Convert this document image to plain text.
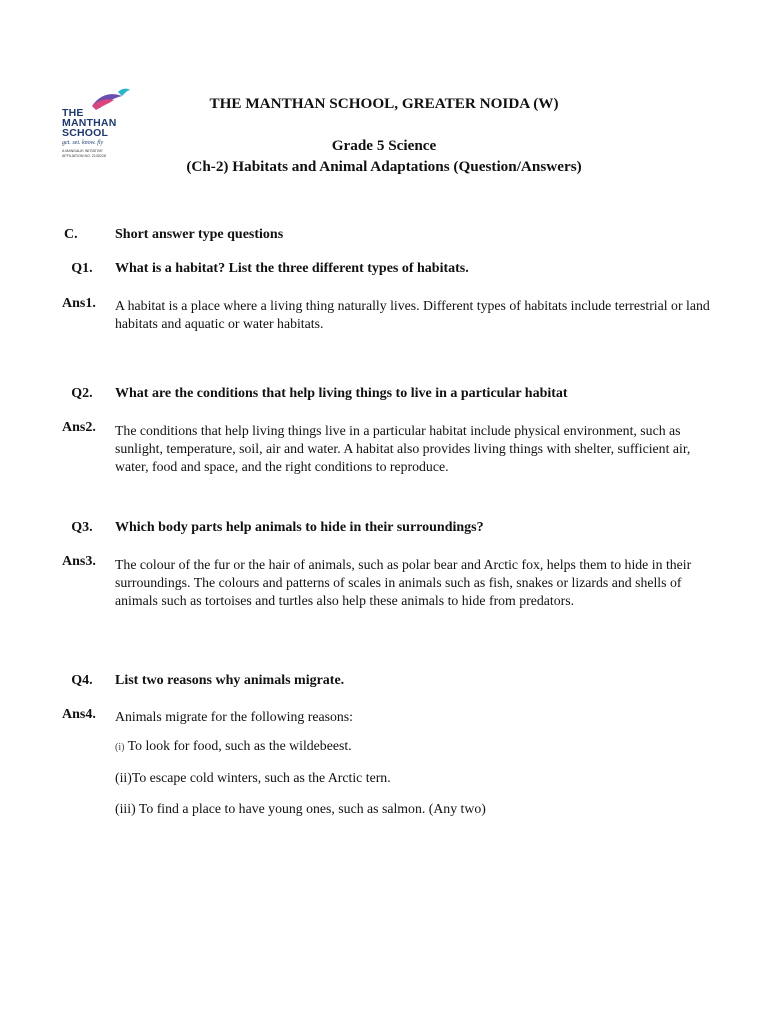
THE
MANTHAN
SCHOOL
get. set. know. fly
A MANGALIK INITIATIVE
AFFILIATION NO. 2130228
THE MANTHAN SCHOOL, GREATER NOIDA (W)
Grade 5 Science
(Ch-2) Habitats and Animal Adaptations (Question/Answers)
C.	Short answer type questions
Q1.	What is a habitat? List the three different types of habitats.
Ans1.	A habitat is a place where a living thing naturally lives. Different types of habitats include terrestrial or land habitats and aquatic or water habitats.
Q2.	What are the conditions that help living things to live in a particular habitat
Ans2.	The conditions that help living things live in a particular habitat include physical environment, such as sunlight, temperature, soil, air and water. A habitat also provides living things with shelter, sufficient air, water, food and space, and the right conditions to reproduce.
Q3.	Which body parts help animals to hide in their surroundings?
Ans3.	The colour of the fur or the hair of animals, such as polar bear and Arctic fox, helps them to hide in their surroundings. The colours and patterns of scales in animals such as fish, snakes or lizards and shells of animals such as tortoises and turtles also help these animals to hide from predators.
Q4.	List two reasons why animals migrate.
Ans4.	Animals migrate for the following reasons:
(i) To look for food, such as the wildebeest.
(ii)To escape cold winters, such as the Arctic tern.
(iii) To find a place to have young ones, such as salmon. (Any two)
